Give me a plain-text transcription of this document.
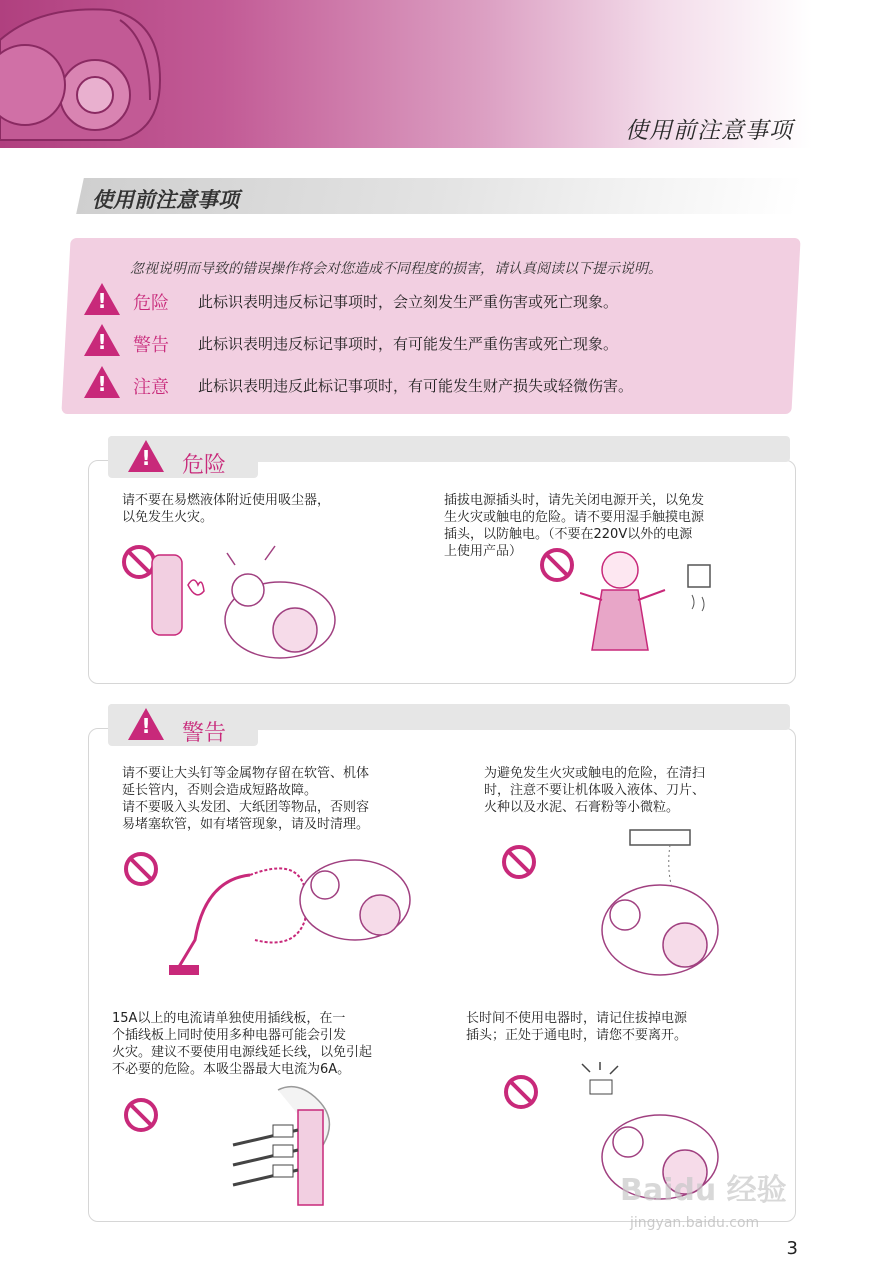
使用前注意事项
使用前注意事项
忽视说明而导致的错误操作将会对您造成不同程度的损害，请认真阅读以下提示说明。
!	危险 此标识表明违反标记事项时，会立刻发生严重伤害或死亡现象。
!	警告 此标识表明违反标记事项时，有可能发生严重伤害或死亡现象。
!	注意 此标识表明违反此标记事项时，有可能发生财产损失或轻微伤害。
!	危险
请不要在易燃液体附近使用吸尘器，
以免发生火灾。
插拔电源插头时，请先关闭电源开关，以免发
生火灾或触电的危险。请不要用湿手触摸电源
插头，以防触电。（不要在220V以外的电源
上使用产品）
!	警告
请不要让大头钉等金属物存留在软管、机体
延长管内，否则会造成短路故障。
请不要吸入头发团、大纸团等物品，否则容
易堵塞软管，如有堵管现象，请及时清理。
为避免发生火灾或触电的危险，在清扫
时，注意不要让机体吸入液体、刀片、
火种以及水泥、石膏粉等小微粒。
15A以上的电流请单独使用插线板，在一
个插线板上同时使用多种电器可能会引发
火灾。建议不要使用电源线延长线，以免引起
不必要的危险。本吸尘器最大电流为6A。
长时间不使用电器时，请记住拔掉电源
插头；正处于通电时，请您不要离开。
Baidu 经验
jingyan.baidu.com
3
